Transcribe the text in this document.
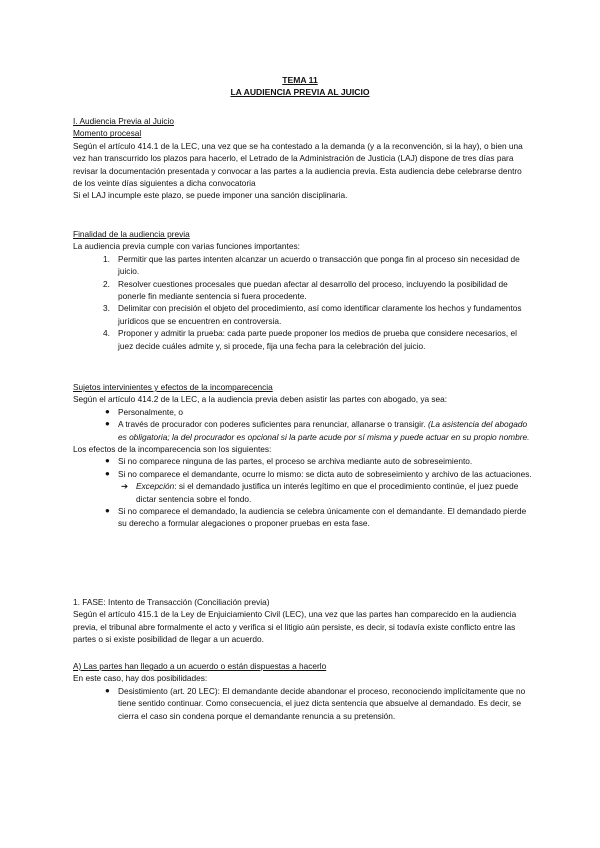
TEMA 11
LA AUDIENCIA PREVIA AL JUICIO

I. Audiencia Previa al Juicio

Momento procesal

Según el artículo 414.1 de la LEC, una vez que se ha contestado a la demanda (y a la reconvención, si la hay), o bien una vez han transcurrido los plazos para hacerlo, el Letrado de la Administración de Justicia (LAJ) dispone de tres días para revisar la documentación presentada y convocar a las partes a la audiencia previa. Esta audiencia debe celebrarse dentro de los veinte días siguientes a dicha convocatoria

Si el LAJ incumple este plazo, se puede imponer una sanción disciplinaria.

Finalidad de la audiencia previa

La audiencia previa cumple con varias funciones importantes:

1. Permitir que las partes intenten alcanzar un acuerdo o transacción que ponga fin al proceso sin necesidad de juicio.
2. Resolver cuestiones procesales que puedan afectar al desarrollo del proceso, incluyendo la posibilidad de ponerle fin mediante sentencia si fuera procedente.
3. Delimitar con precisión el objeto del procedimiento, así como identificar claramente los hechos y fundamentos jurídicos que se encuentren en controversia.
4. Proponer y admitir la prueba: cada parte puede proponer los medios de prueba que considere necesarios, el juez decide cuáles admite y, si procede, fija una fecha para la celebración del juicio.

Sujetos intervinientes y efectos de la incomparecencia

Según el artículo 414.2 de la LEC, a la audiencia previa deben asistir las partes con abogado, ya sea:

● Personalmente, o
● A través de procurador con poderes suficientes para renunciar, allanarse o transigir. (La asistencia del abogado es obligatoria; la del procurador es opcional si la parte acude por sí misma y puede actuar en su propio nombre.

Los efectos de la incomparecencia son los siguientes:

● Si no comparece ninguna de las partes, el proceso se archiva mediante auto de sobreseimiento.
● Si no comparece el demandante, ocurre lo mismo: se dicta auto de sobreseimiento y archivo de las actuaciones.
➔ Excepción: si el demandado justifica un interés legítimo en que el procedimiento continúe, el juez puede dictar sentencia sobre el fondo.
● Si no comparece el demandado, la audiencia se celebra únicamente con el demandante. El demandado pierde su derecho a formular alegaciones o proponer pruebas en esta fase.

1. FASE: Intento de Transacción (Conciliación previa)

Según el artículo 415.1 de la Ley de Enjuiciamiento Civil (LEC), una vez que las partes han comparecido en la audiencia previa, el tribunal abre formalmente el acto y verifica si el litigio aún persiste, es decir, si todavía existe conflicto entre las partes o si existe posibilidad de llegar a un acuerdo.

A) Las partes han llegado a un acuerdo o están dispuestas a hacerlo

En este caso, hay dos posibilidades:

● Desistimiento (art. 20 LEC): El demandante decide abandonar el proceso, reconociendo implícitamente que no tiene sentido continuar. Como consecuencia, el juez dicta sentencia que absuelve al demandado. Es decir, se cierra el caso sin condena porque el demandante renuncia a su pretensión.
